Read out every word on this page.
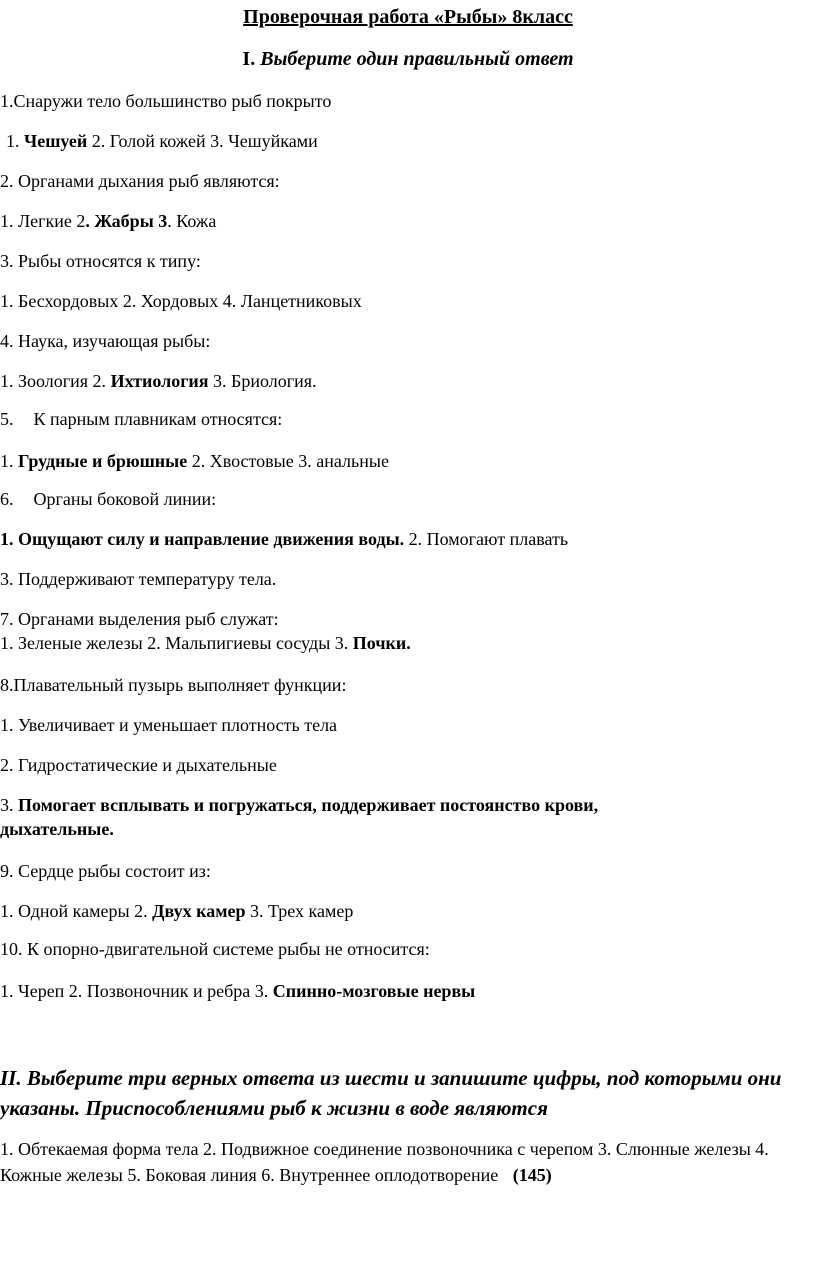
Проверочная работа «Рыбы» 8класс
I. Выберите один правильный ответ
1.Снаружи тело большинство рыб покрыто
1. Чешуей 2. Голой кожей 3. Чешуйками
2. Органами дыхания рыб являются:
1. Легкие 2. Жабры 3. Кожа
3. Рыбы относятся к типу:
1. Бесхордовых 2. Хордовых 4. Ланцетниковых
4. Наука, изучающая рыбы:
1. Зоология 2. Ихтиология 3. Бриология.
5. К парным плавникам относятся:
1. Грудные и брюшные 2. Хвостовые 3. анальные
6. Органы боковой линии:
1. Ощущают силу и направление движения воды. 2. Помогают плавать
3. Поддерживают температуру тела.
7. Органами выделения рыб служат:
1. Зеленые железы 2. Мальпигиевы сосуды 3. Почки.
8.Плавательный пузырь выполняет функции:
1. Увеличивает и уменьшает плотность тела
2. Гидростатические и дыхательные
3. Помогает всплывать и погружаться, поддерживает постоянство крови,
дыхательные.
9. Сердце рыбы состоит из:
1. Одной камеры 2. Двух камер 3. Трех камер
10. К опорно-двигательной системе рыбы не относится:
1. Череп 2. Позвоночник и ребра 3. Спинно-мозговые нервы
II. Выберите три верных ответа из шести и запишите цифры, под которыми они указаны. Приспособлениями рыб к жизни в воде являются
1. Обтекаемая форма тела 2. Подвижное соединение позвоночника с черепом 3. Слюнные железы 4. Кожные железы 5. Боковая линия 6. Внутреннее оплодотворение (145)
